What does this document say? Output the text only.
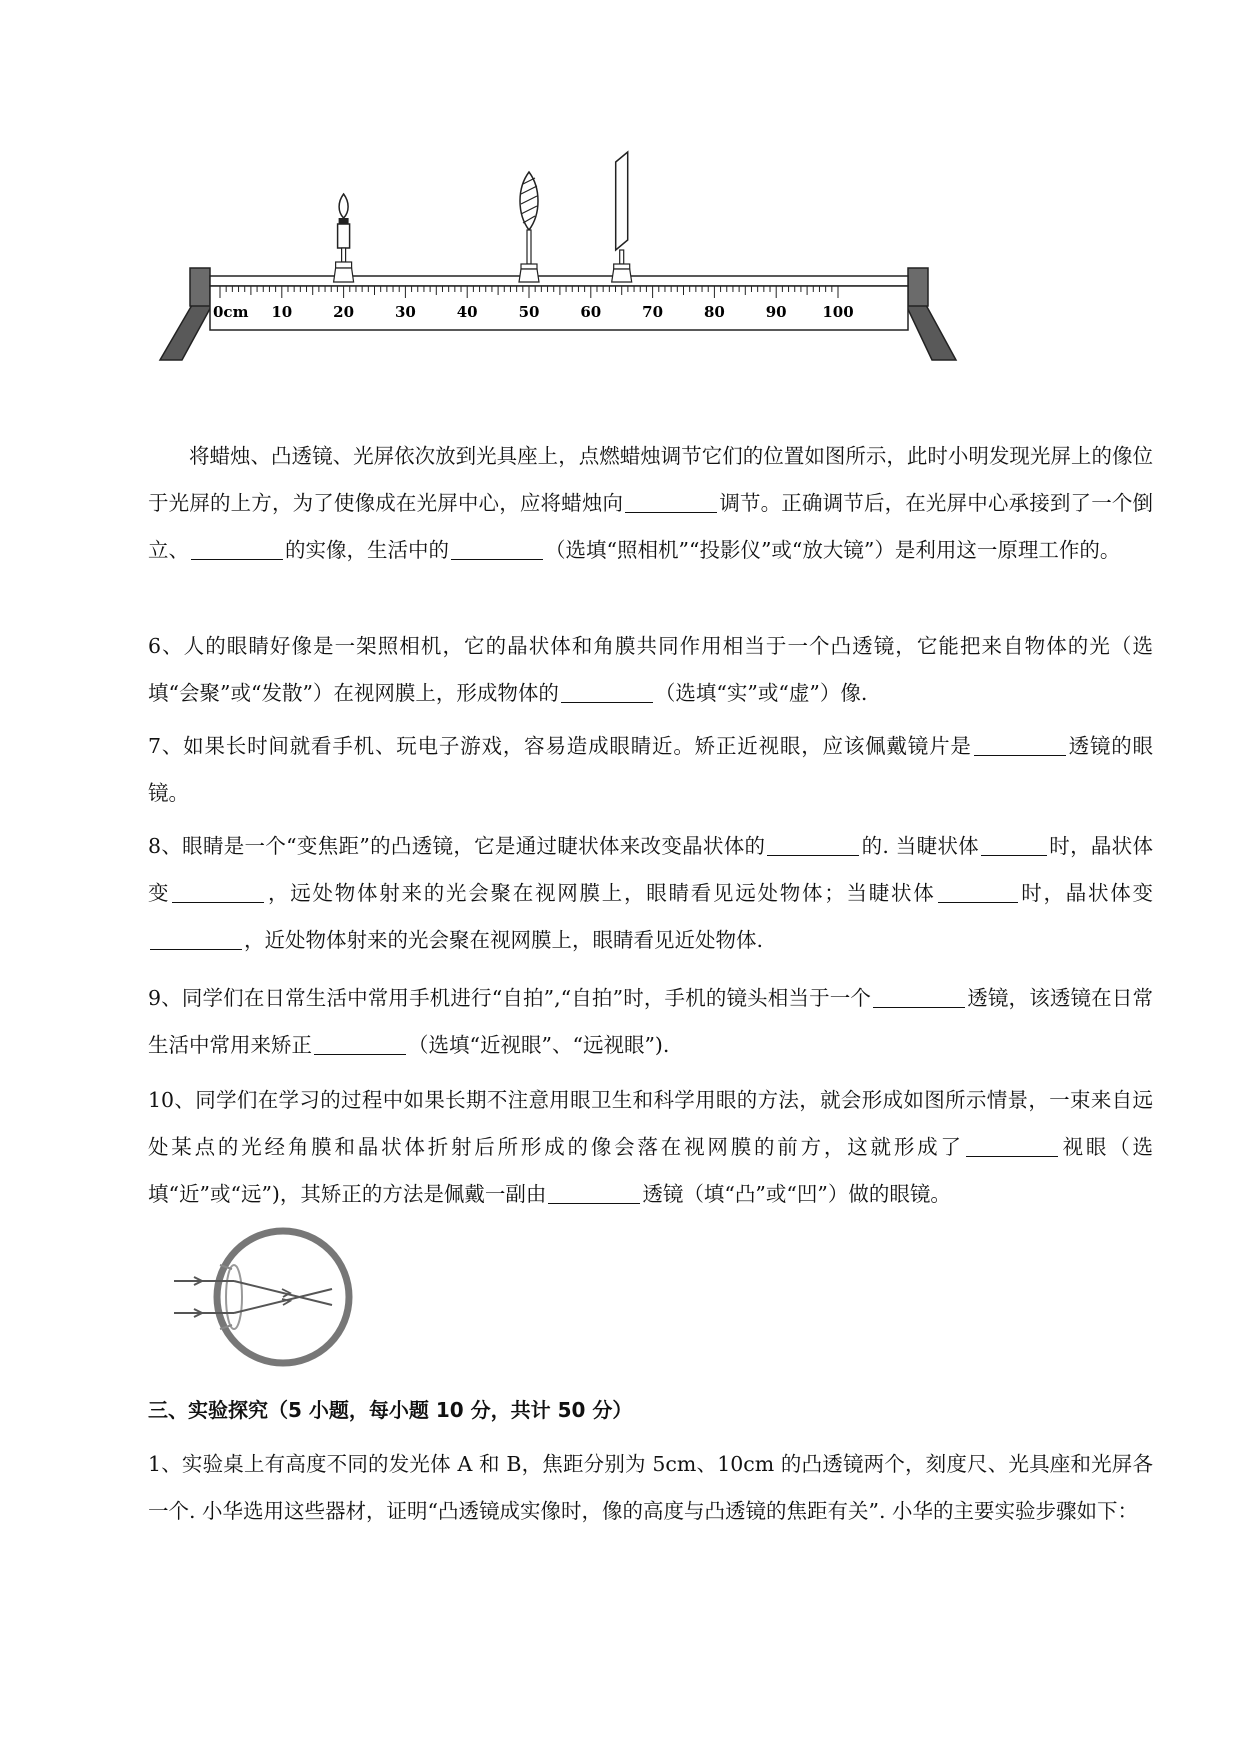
0cm 10	20	30	40	50	60	70	80	90 100

将蜡烛、凸透镜、光屏依次放到光具座上，点燃蜡烛调节它们的位置如图所示，此时小明发现光屏上的像位于光屏的上方，为了使像成在光屏中心，应将蜡烛向	调节。正确调节后，在光屏中心承接到了一个倒立、	的实像，生活中的	（选填“照相机”“投影仪”或“放大镜”）是利用这一原理工作的。

6、人的眼睛好像是一架照相机，它的晶状体和角膜共同作用相当于一个凸透镜，它能把来自物体的光（选填“会聚”或“发散”）在视网膜上，形成物体的	（选填“实”或“虚”）像.

7、如果长时间就看手机、玩电子游戏，容易造成眼睛近。矫正近视眼，应该佩戴镜片是	透镜的眼镜。

8、眼睛是一个“变焦距”的凸透镜，它是通过睫状体来改变晶状体的	的. 当睫状体	时，晶状体变	，远处物体射来的光会聚在视网膜上，眼睛看见远处物体；当睫状体	时，晶状体变，近处物体射来的光会聚在视网膜上，眼睛看见近处物体.

9、同学们在日常生活中常用手机进行“自拍”,“自拍”时，手机的镜头相当于一个	透镜，该透镜在日常生活中常用来矫正	（选填“近视眼”、“远视眼”).

10、同学们在学习的过程中如果长期不注意用眼卫生和科学用眼的方法，就会形成如图所示情景，一束来自远处某点的光经角膜和晶状体折射后所形成的像会落在视网膜的前方，这就形成了	视眼（选填“近”或“远”)，其矫正的方法是佩戴一副由	透镜（填“凸”或“凹”）做的眼镜。

三、实验探究（5 小题，每小题 10 分，共计 50 分）

1、实验桌上有高度不同的发光体 A 和 B，焦距分别为 5cm、10cm 的凸透镜两个，刻度尺、光具座和光屏各一个. 小华选用这些器材，证明“凸透镜成实像时，像的高度与凸透镜的焦距有关”. 小华的主要实验步骤如下：
